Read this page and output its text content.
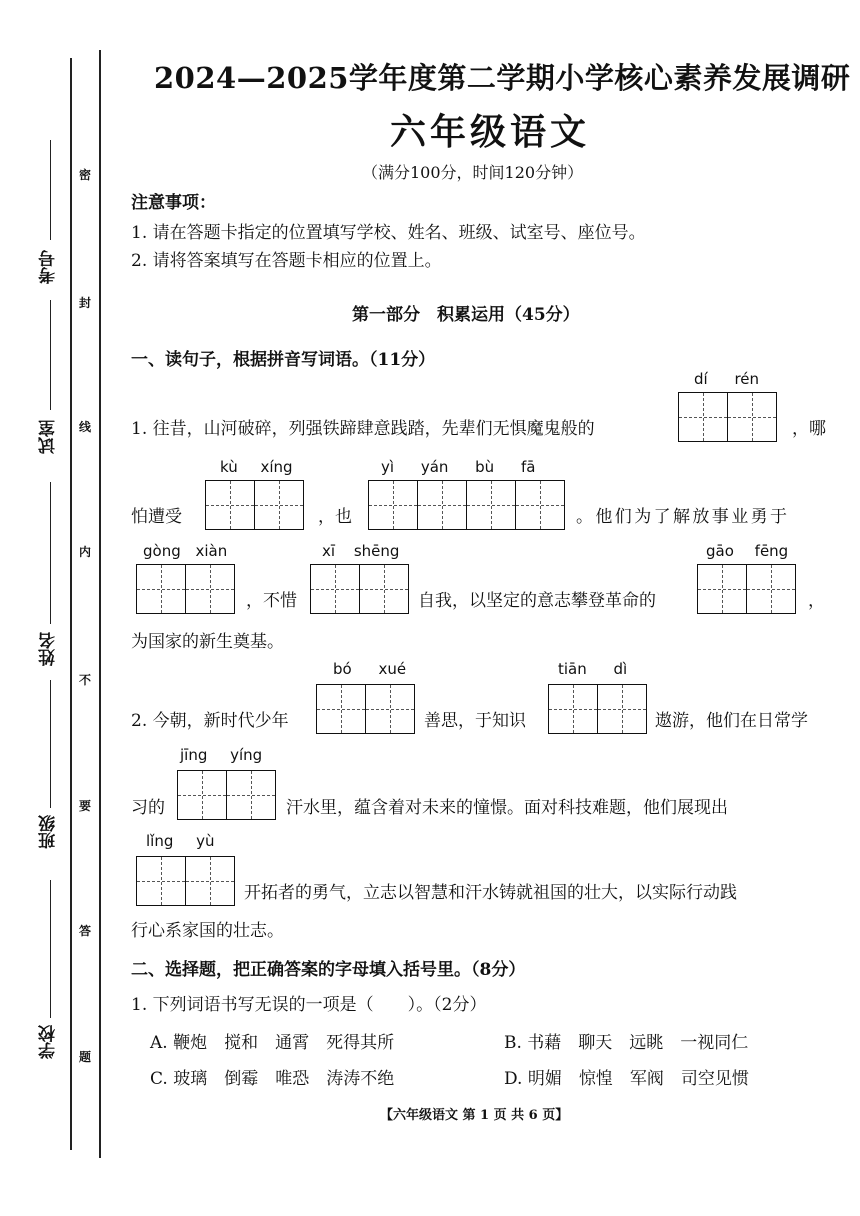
考号
试室
姓名
班级
学校
密
封
线
内
不
要
答
题
2024—2025学年度第二学期小学核心素养发展调研
六年级语文
（满分100分，时间120分钟）
注意事项：
1. 请在答题卡指定的位置填写学校、姓名、班级、试室号、座位号。
2. 请将答案填写在答题卡相应的位置上。
第一部分　积累运用（45分）
一、读句子，根据拼音写词语。（11分）
dí rén
1. 往昔，山河破碎，列强铁蹄肆意践踏，先辈们无惧魔鬼般的	，哪
kù xíng	yì yán bù fā
怕遭受	，也	。他们为了解放事业勇于
gòng xiàn	xī shēng	gāo fēng
，不惜	自我，以坚定的意志攀登革命的	，
为国家的新生奠基。
bó xué	tiān dì
2. 今朝，新时代少年	善思，于知识	遨游，他们在日常学
jīng yíng
习的	汗水里，蕴含着对未来的憧憬。面对科技难题，他们展现出
lǐng yù
开拓者的勇气，立志以智慧和汗水铸就祖国的壮大，以实际行动践
行心系家国的壮志。
二、选择题，把正确答案的字母填入括号里。（8分）
1. 下列词语书写无误的一项是（　　）。（2分）
A. 鞭炮　搅和　通霄　死得其所	B. 书藉　聊天　远眺　一视同仁
C. 玻璃　倒霉　唯恐　涛涛不绝	D. 明媚　惊惶　军阀　司空见惯
【六年级语文 第 1 页 共 6 页】
